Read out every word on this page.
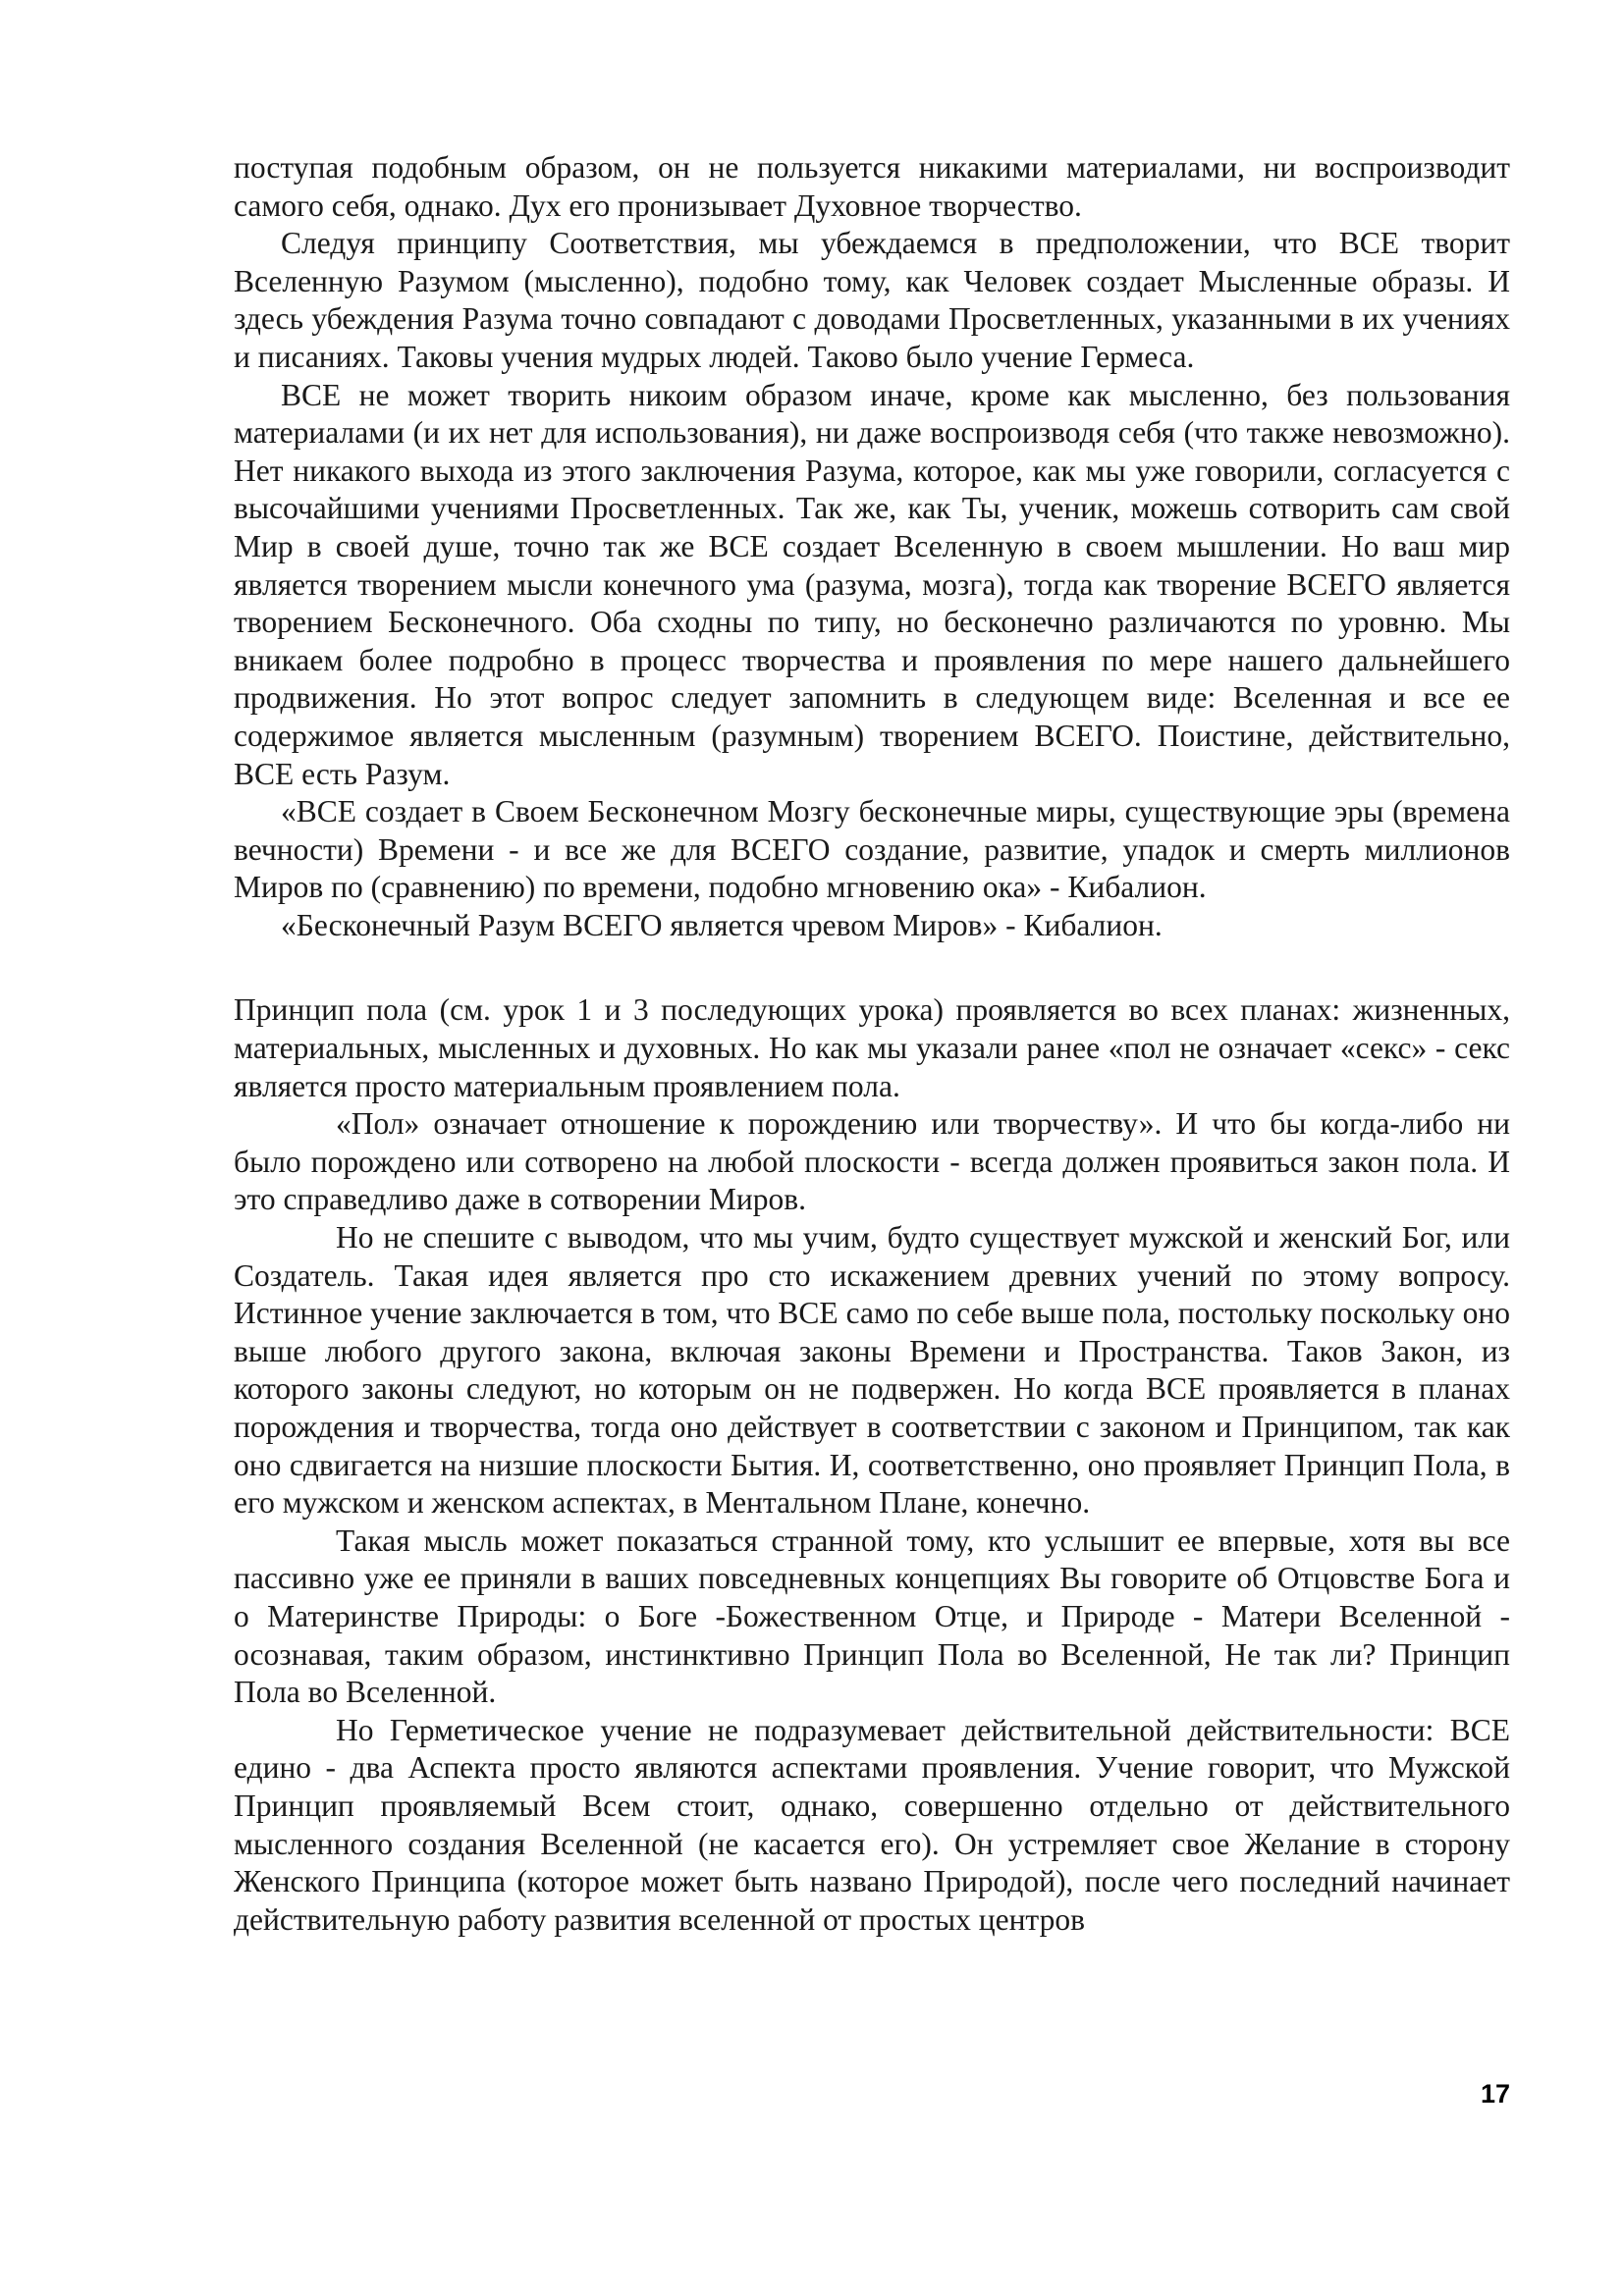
поступая подобным образом, он не пользуется никакими материалами, ни воспроизводит самого себя, однако. Дух его пронизывает Духовное творчество.

Следуя принципу Соответствия, мы убеждаемся в предположении, что ВСЕ творит Вселенную Разумом (мысленно), подобно тому, как Человек создает Мысленные образы. И здесь убеждения Разума точно совпадают с доводами Просветленных, указанными в их учениях и писаниях. Таковы учения мудрых людей. Таково было учение Гермеса.

ВСЕ не может творить никоим образом иначе, кроме как мысленно, без пользования материалами (и их нет для использования), ни даже воспроизводя себя (что также невозможно). Нет никакого выхода из этого заключения Разума, которое, как мы уже говорили, согласуется с высочайшими учениями Просветленных. Так же, как Ты, ученик, можешь сотворить сам свой Мир в своей душе, точно так же ВСЕ создает Вселенную в своем мышлении. Но ваш мир является творением мысли конечного ума (разума, мозга), тогда как творение ВСЕГО является творением Бесконечного. Оба сходны по типу, но бесконечно различаются по уровню. Мы вникаем более подробно в процесс творчества и проявления по мере нашего дальнейшего продвижения. Но этот вопрос следует запомнить в следующем виде: Вселенная и все ее содержимое является мысленным (разумным) творением ВСЕГО. Поистине, действительно, ВСЕ есть Разум.

«ВСЕ создает в Своем Бесконечном Мозгу бесконечные миры, существующие эры (времена вечности) Времени - и все же для ВСЕГО создание, развитие, упадок и смерть миллионов Миров по (сравнению) по времени, подобно мгновению ока» - Кибалион.

«Бесконечный Разум ВСЕГО является чревом Миров» - Кибалион.

Принцип пола (см. урок 1 и 3 последующих урока) проявляется во всех планах: жизненных, материальных, мысленных и духовных. Но как мы указали ранее «пол не означает «секс» - секс является просто материальным проявлением пола.

«Пол» означает отношение к порождению или творчеству». И что бы когда-либо ни было порождено или сотворено на любой плоскости - всегда должен проявиться закон пола. И это справедливо даже в сотворении Миров.

Но не спешите с выводом, что мы учим, будто существует мужской и женский Бог, или Создатель. Такая идея является про сто искажением древних учений по этому вопросу. Истинное учение заключается в том, что ВСЕ само по себе выше пола, постольку поскольку оно выше любого другого закона, включая законы Времени и Пространства. Таков Закон, из которого законы следуют, но которым он не подвержен. Но когда ВСЕ проявляется в планах порождения и творчества, тогда оно действует в соответствии с законом и Принципом, так как оно сдвигается на низшие плоскости Бытия. И, соответственно, оно проявляет Принцип Пола, в его мужском и женском аспектах, в Ментальном Плане, конечно.

Такая мысль может показаться странной тому, кто услышит ее впервые, хотя вы все пассивно уже ее приняли в ваших повседневных концепциях Вы говорите об Отцовстве Бога и о Материнстве Природы: о Боге -Божественном Отце, и Природе - Матери Вселенной - осознавая, таким образом, инстинктивно Принцип Пола во Вселенной, Не так ли? Принцип Пола во Вселенной.

Но Герметическое учение не подразумевает действительной действительности: ВСЕ едино - два Аспекта просто являются аспектами проявления. Учение говорит, что Мужской Принцип проявляемый Всем стоит, однако, совершенно отдельно от действительного мысленного создания Вселенной (не касается его). Он устремляет свое Желание в сторону Женского Принципа (которое может быть названо Природой), после чего последний начинает действительную работу развития вселенной от простых центров

17
